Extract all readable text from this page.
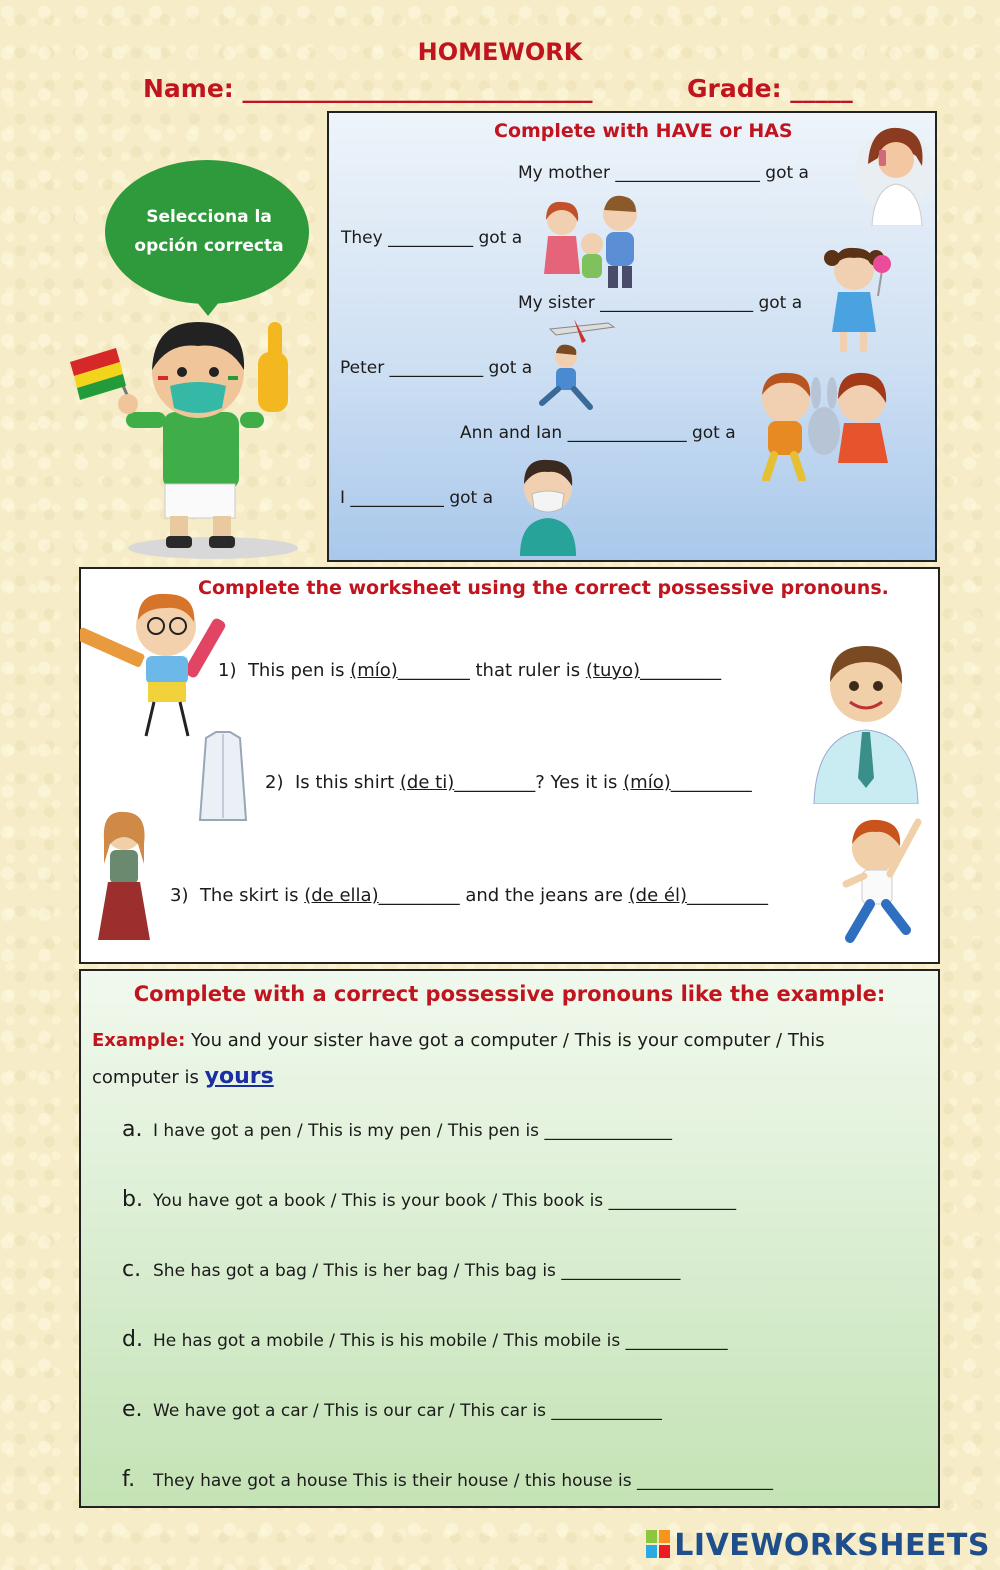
HOMEWORK
Name: ____________________________	Grade: _____
Selecciona la
opción correcta
Complete with HAVE or HAS
My mother _________________ got a
They __________ got a
My sister __________________ got a
Peter ___________ got a
Ann and Ian ______________ got a
I ___________ got a
Complete the worksheet using the correct possessive pronouns.
1) This pen is (mío)________ that ruler is (tuyo)_________
2) Is this shirt (de ti)_________? Yes it is (mío)_________
3) The skirt is (de ella)_________ and the jeans are (de él)_________
Complete with a correct possessive pronouns like the example:
Example: You and your sister have got a computer / This is your computer / This
computer is yours
a. I have got a pen / This is my pen / This pen is _______________
b. You have got a book / This is your book / This book is _______________
c. She has got a bag / This is her bag / This bag is ______________
d. He has got a mobile / This is his mobile / This mobile is ____________
e. We have got a car / This is our car / This car is _____________
f. They have got a house This is their house / this house is ________________
LIVEWORKSHEETS
